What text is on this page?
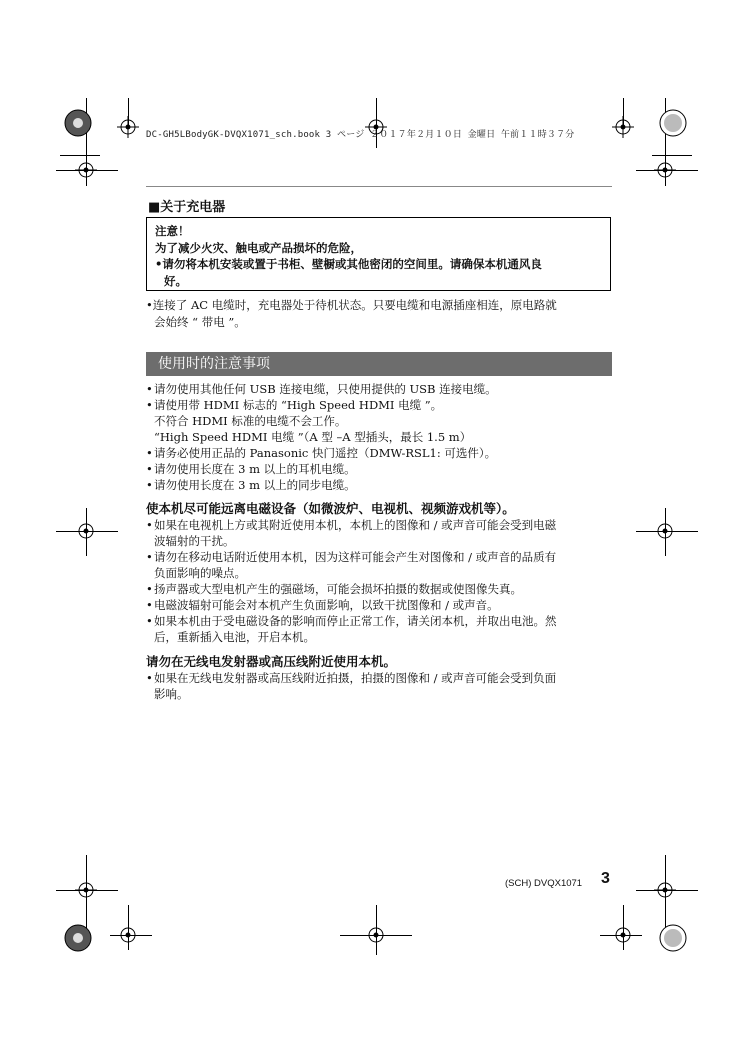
DC-GH5LBodyGK-DVQX1071_sch.book 3 ページ ２０１７年２月１０日 金曜日 午前１１時３７分
■关于充电器
注意！
为了减少火灾、触电或产品损坏的危险，
•请勿将本机安装或置于书柜、壁橱或其他密闭的空间里。请确保本机通风良
好。
•连接了 AC 电缆时，充电器处于待机状态。只要电缆和电源插座相连，原电路就
会始终 “ 带电 ”。
使用时的注意事项
• 请勿使用其他任何 USB 连接电缆，只使用提供的 USB 连接电缆。
• 请使用带 HDMI 标志的 “High Speed HDMI 电缆 ”。
不符合 HDMI 标准的电缆不会工作。
“High Speed HDMI 电缆 ”（A 型 –A 型插头，最长 1.5 m）
• 请务必使用正品的 Panasonic 快门遥控（DMW-RSL1: 可选件）。
• 请勿使用长度在 3 m 以上的耳机电缆。
• 请勿使用长度在 3 m 以上的同步电缆。
使本机尽可能远离电磁设备（如微波炉、电视机、视频游戏机等）。
• 如果在电视机上方或其附近使用本机，本机上的图像和 / 或声音可能会受到电磁
波辐射的干扰。
• 请勿在移动电话附近使用本机，因为这样可能会产生对图像和 / 或声音的品质有
负面影响的噪点。
• 扬声器或大型电机产生的强磁场，可能会损坏拍摄的数据或使图像失真。
• 电磁波辐射可能会对本机产生负面影响，以致干扰图像和 / 或声音。
• 如果本机由于受电磁设备的影响而停止正常工作，请关闭本机，并取出电池。然
后，重新插入电池，开启本机。
请勿在无线电发射器或高压线附近使用本机。
• 如果在无线电发射器或高压线附近拍摄，拍摄的图像和 / 或声音可能会受到负面
影响。
(SCH) DVQX1071 3
